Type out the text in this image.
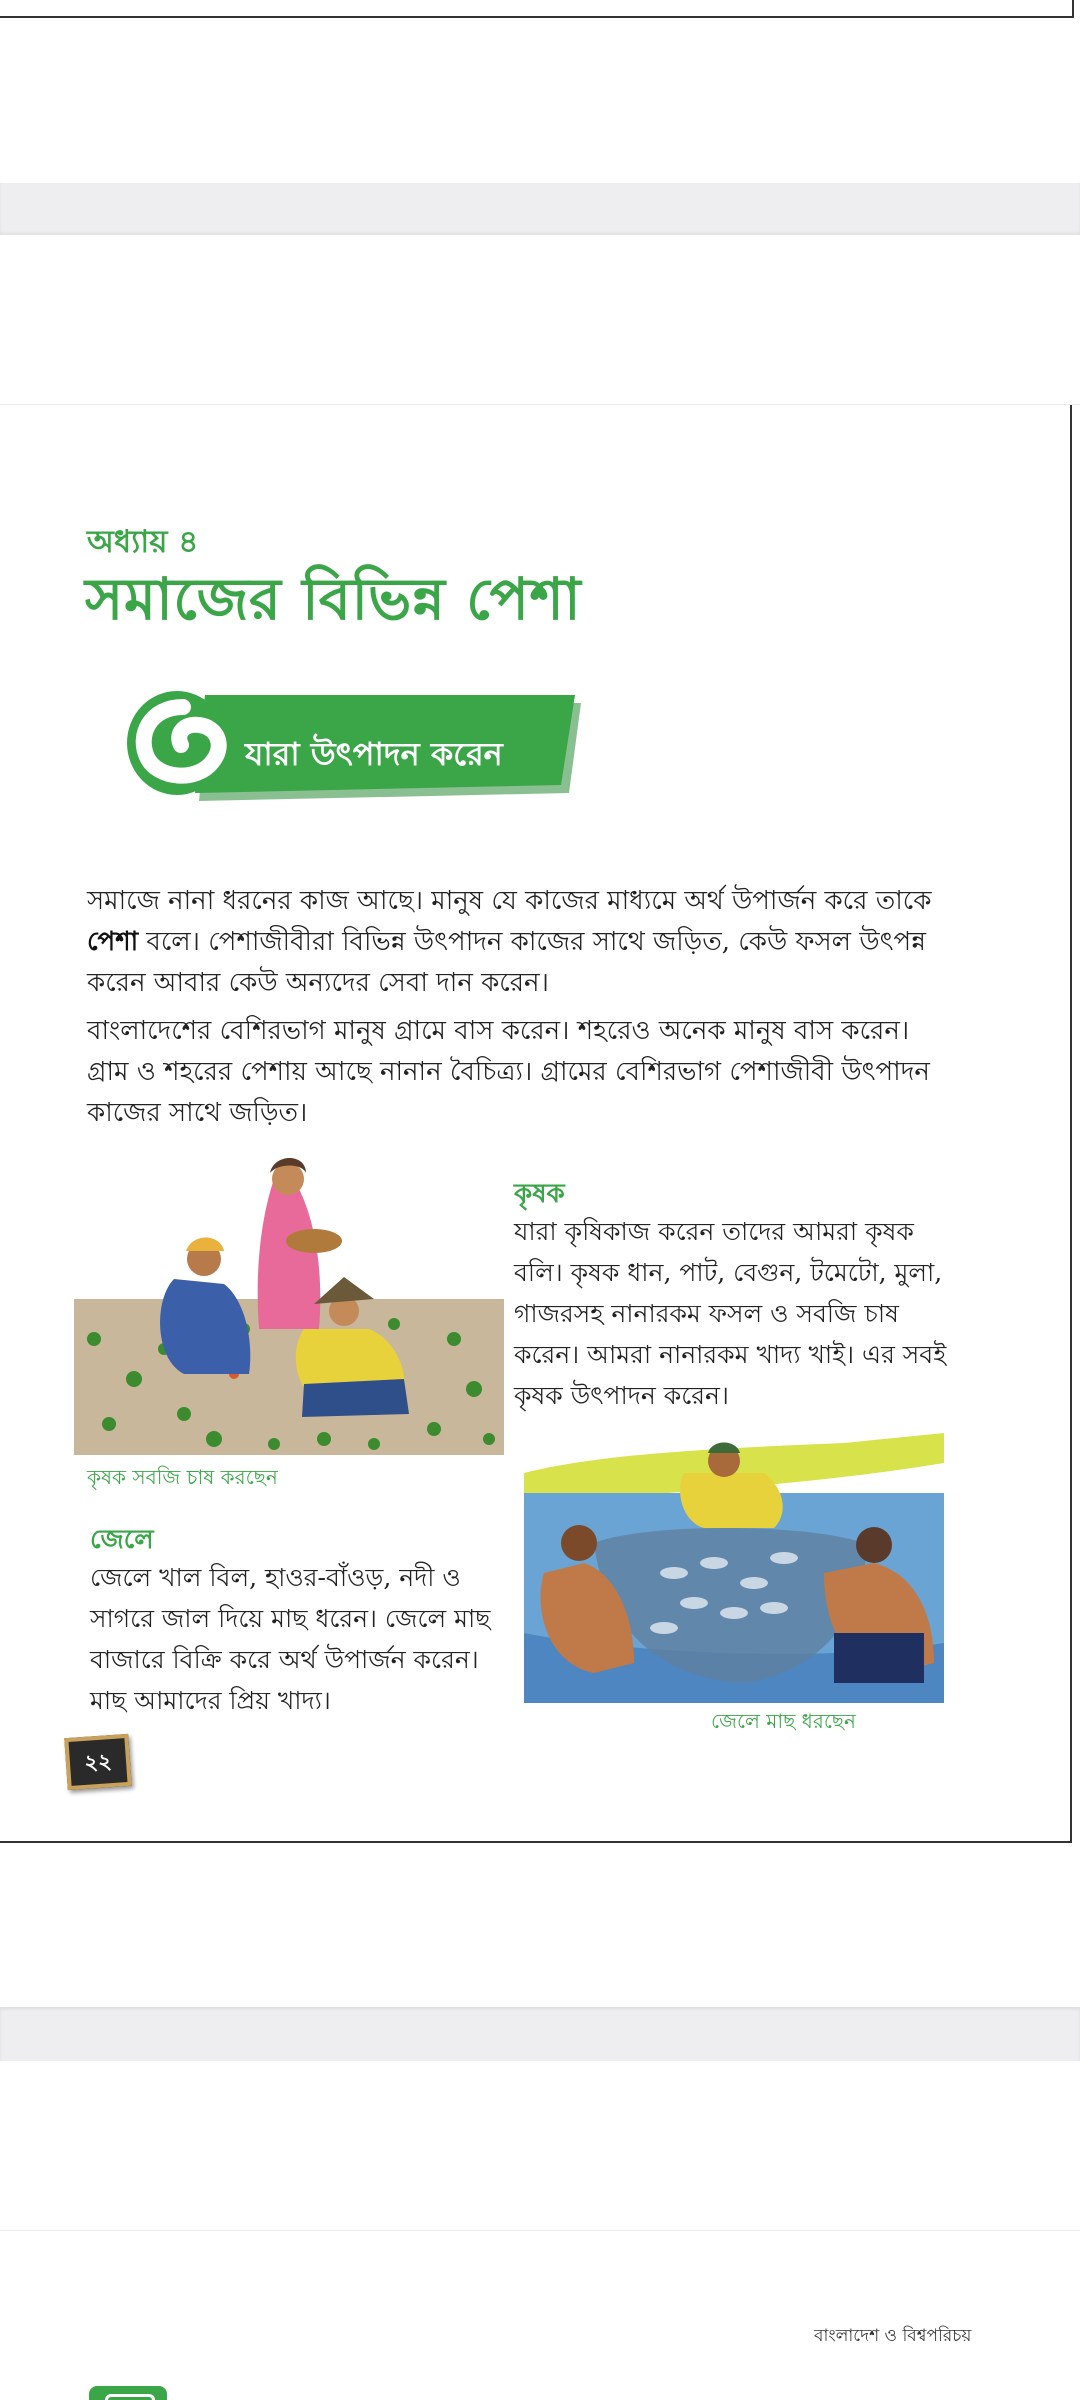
অধ্যায় ৪
সমাজের বিভিন্ন পেশা
যারা উৎপাদন করেন
সমাজে নানা ধরনের কাজ আছে। মানুষ যে কাজের মাধ্যমে অর্থ উপার্জন করে তাকে পেশা বলে। পেশাজীবীরা বিভিন্ন উৎপাদন কাজের সাথে জড়িত, কেউ ফসল উৎপন্ন করেন আবার কেউ অন্যদের সেবা দান করেন।
বাংলাদেশের বেশিরভাগ মানুষ গ্রামে বাস করেন। শহরেও অনেক মানুষ বাস করেন। গ্রাম ও শহরের পেশায় আছে নানান বৈচিত্র্য। গ্রামের বেশিরভাগ পেশাজীবী উৎপাদন কাজের সাথে জড়িত।
কৃষক সবজি চাষ করছেন
কৃষক
যারা কৃষিকাজ করেন তাদের আমরা কৃষক বলি। কৃষক ধান, পাট, বেগুন, টমেটো, মুলা, গাজরসহ নানারকম ফসল ও সবজি চাষ করেন। আমরা নানারকম খাদ্য খাই। এর সবই কৃষক উৎপাদন করেন।
জেলে মাছ ধরছেন
জেলে
জেলে খাল বিল, হাওর-বাঁওড়, নদী ও সাগরে জাল দিয়ে মাছ ধরেন। জেলে মাছ বাজারে বিক্রি করে অর্থ উপার্জন করেন। মাছ আমাদের প্রিয় খাদ্য।
২২
বাংলাদেশ ও বিশ্বপরিচয়
